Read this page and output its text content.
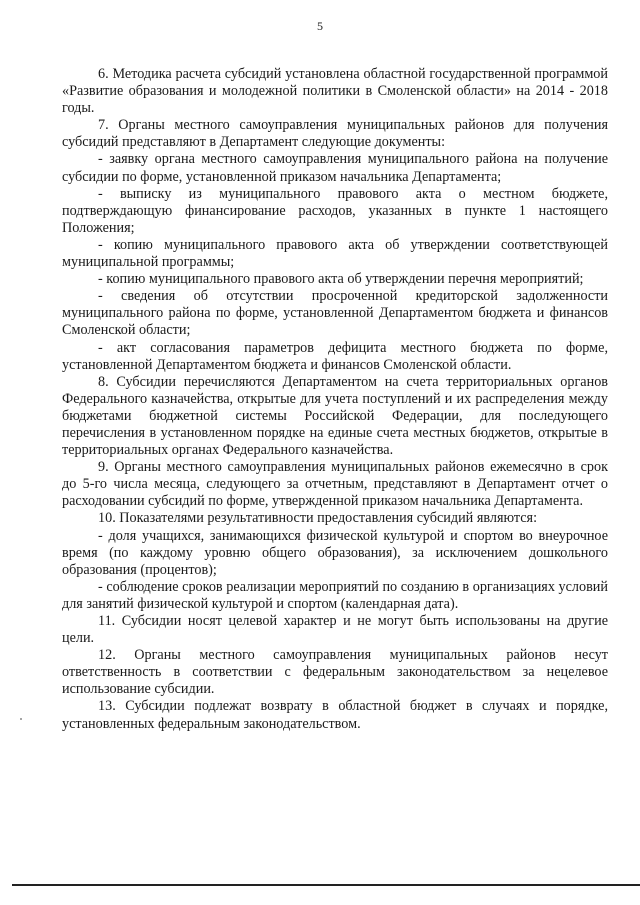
5

6. Методика расчета субсидий установлена областной государственной программой «Развитие образования и молодежной политики в Смоленской области» на 2014 - 2018 годы.

7. Органы местного самоуправления муниципальных районов для получения субсидий представляют в Департамент следующие документы:

- заявку органа местного самоуправления муниципального района на получение субсидии по форме, установленной приказом начальника Департамента;

- выписку из муниципального правового акта о местном бюджете, подтверждающую финансирование расходов, указанных в пункте 1 настоящего Положения;

- копию муниципального правового акта об утверждении соответствующей муниципальной программы;

- копию муниципального правового акта об утверждении перечня мероприятий;

- сведения об отсутствии просроченной кредиторской задолженности муниципального района по форме, установленной Департаментом бюджета и финансов Смоленской области;

- акт согласования параметров дефицита местного бюджета по форме, установленной Департаментом бюджета и финансов Смоленской области.

8. Субсидии перечисляются Департаментом на счета территориальных органов Федерального казначейства, открытые для учета поступлений и их распределения между бюджетами бюджетной системы Российской Федерации, для последующего перечисления в установленном порядке на единые счета местных бюджетов, открытые в территориальных органах Федерального казначейства.

9. Органы местного самоуправления муниципальных районов ежемесячно в срок до 5-го числа месяца, следующего за отчетным, представляют в Департамент отчет о расходовании субсидий по форме, утвержденной приказом начальника Департамента.

10. Показателями результативности предоставления субсидий являются:

- доля учащихся, занимающихся физической культурой и спортом во внеурочное время (по каждому уровню общего образования), за исключением дошкольного образования (процентов);

- соблюдение сроков реализации мероприятий по созданию в организациях условий для занятий физической культурой и спортом (календарная дата).

11. Субсидии носят целевой характер и не могут быть использованы на другие цели.

12. Органы местного самоуправления муниципальных районов несут ответственность в соответствии с федеральным законодательством за нецелевое использование субсидии.

13. Субсидии подлежат возврату в областной бюджет в случаях и порядке, установленных федеральным законодательством.
